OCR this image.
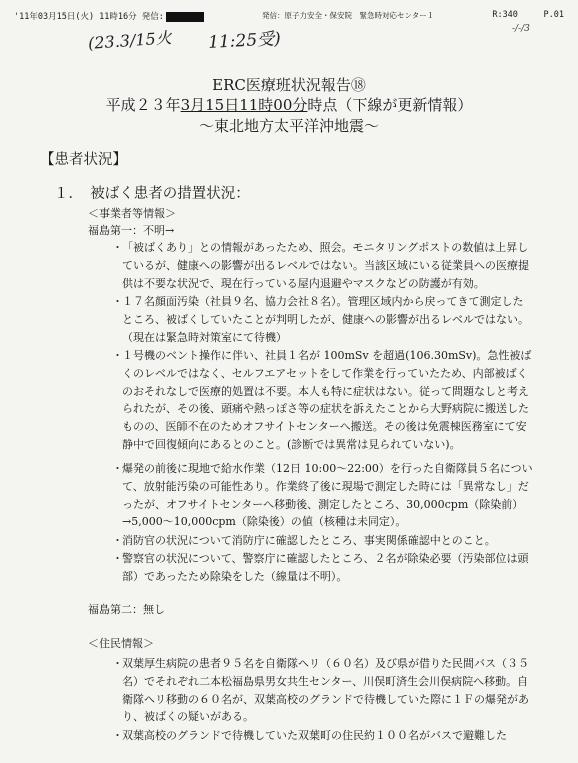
'11年03月15日(火) 11時16分 発信:	発信：原子力安全・保安院　緊急時対応センター１	R:340	P.01
(23.3/15火 11:25受)
-/-/3
ERC医療班状況報告⑱
平成２３年3月15日11時00分時点（下線が更新情報）
〜東北地方太平洋沖地震〜
【患者状況】
１．　被ばく患者の措置状況：
＜事業者等情報＞
福島第一：不明→

・ 「被ばくあり」との情報があったため、照会。モニタリングポストの数値は上昇しているが、健康への影響が出るレベルではない。当該区域にいる従業員への医療提供は不要な状況で、現在行っている屋内退避やマスクなどの防護が有効。

・ １７名顔面汚染（社員９名、協力会社８名）。管理区域内から戻ってきて測定したところ、被ばくしていたことが判明したが、健康への影響が出るレベルではない。（現在は緊急時対策室にて待機）

・ １号機のベント操作に伴い、社員１名が 100mSv を超過(106.30mSv)。急性被ばくのレベルではなく、セルフエアセットをして作業を行っていたため、内部被ばくのおそれなしで医療的処置は不要。本人も特に症状はない。従って問題なしと考えられたが、その後、頭痛や熱っぽさ等の症状を訴えたことから大野病院に搬送したものの、医師不在のためオフサイトセンターへ搬送。その後は免震棟医務室にて安静中で回復傾向にあるとのこと。(診断では異常は見られていない)。

・ 爆発の前後に現地で給水作業（12日 10:00〜22:00）を行った自衛隊員５名について、放射能汚染の可能性あり。作業終了後に現場で測定した時には「異常なし」だったが、オフサイトセンターへ移動後、測定したところ、30,000cpm（除染前）→5,000〜10,000cpm（除染後）の値（核種は未同定）。

・ 消防官の状況について消防庁に確認したところ、事実関係確認中とのこと。

・ 警察官の状況について、警察庁に確認したところ、２名が除染必要（汚染部位は頭部）であったため除染をした（線量は不明）。

福島第二：無し
＜住民情報＞

・ 双葉厚生病院の患者９５名を自衛隊ヘリ（６０名）及び県が借りた民間バス（３５名）でそれぞれ二本松福島県男女共生センター、川俣町済生会川俣病院へ移動。自衛隊ヘリ移動の６０名が、双葉高校のグランドで待機していた際に１Ｆの爆発があり、被ばくの疑いがある。

・ 双葉高校のグランドで待機していた双葉町の住民約１００名がバスで避難した
